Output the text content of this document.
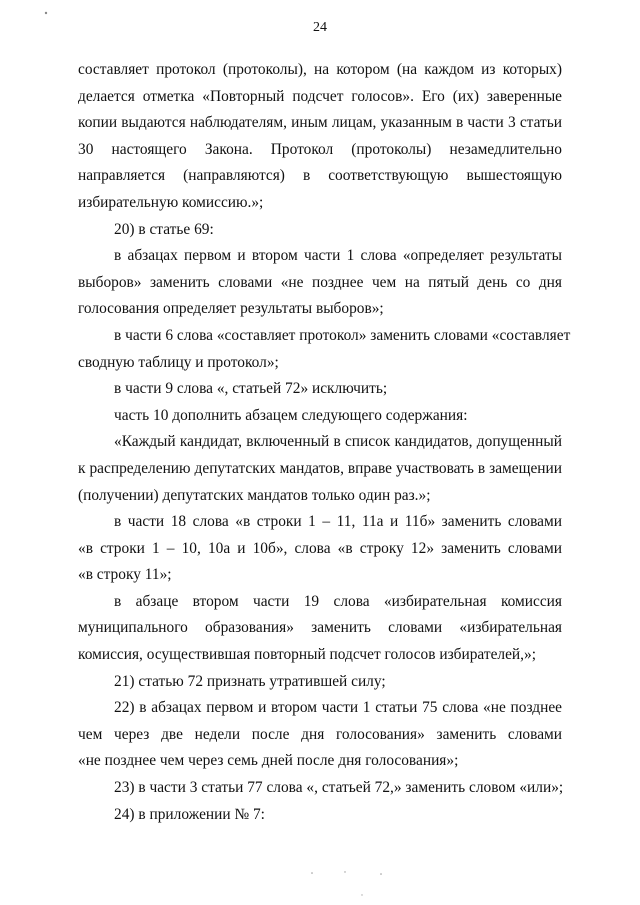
24
составляет протокол (протоколы), на котором (на каждом из которых)
делается отметка «Повторный подсчет голосов». Его (их) заверенные
копии выдаются наблюдателям, иным лицам, указанным в части 3 статьи
30 настоящего Закона. Протокол (протоколы) незамедлительно
направляется (направляются) в соответствующую вышестоящую
избирательную комиссию.»;
20) в статье 69:
в абзацах первом и втором части 1 слова «определяет результаты
выборов» заменить словами «не позднее чем на пятый день со дня
голосования определяет результаты выборов»;
в части 6 слова «составляет протокол» заменить словами «составляет
сводную таблицу и протокол»;
в части 9 слова «, статьей 72» исключить;
часть 10 дополнить абзацем следующего содержания:
«Каждый кандидат, включенный в список кандидатов, допущенный
к распределению депутатских мандатов, вправе участвовать в замещении
(получении) депутатских мандатов только один раз.»;
в части 18 слова «в строки 1 – 11, 11а и 11б» заменить словами
«в строки 1 – 10, 10а и 10б», слова «в строку 12» заменить словами
«в строку 11»;
в абзаце втором части 19 слова «избирательная комиссия
муниципального образования» заменить словами «избирательная
комиссия, осуществившая повторный подсчет голосов избирателей,»;
21) статью 72 признать утратившей силу;
22) в абзацах первом и втором части 1 статьи 75 слова «не позднее
чем через две недели после дня голосования» заменить словами
«не позднее чем через семь дней после дня голосования»;
23) в части 3 статьи 77 слова «, статьей 72,» заменить словом «или»;
24) в приложении № 7:
